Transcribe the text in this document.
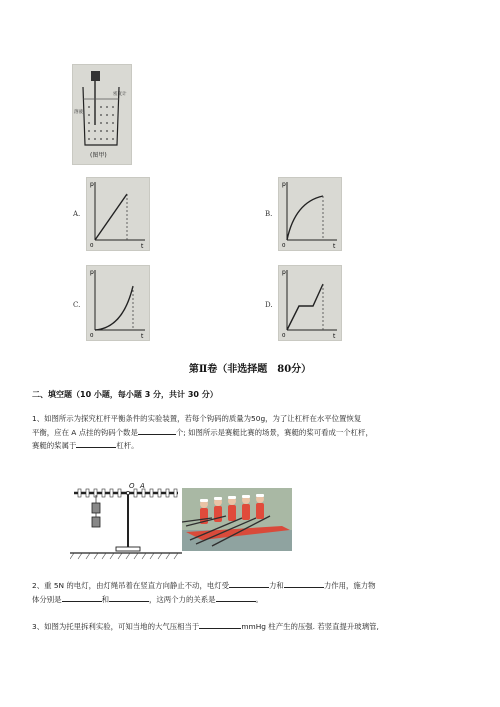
溶液
密度计
(图甲)
A.
p
0	t
B.
p
0	t
C.
p
0	t
D.
p
0	t
第Ⅱ卷（非选择题　80分）
二、填空题（10 小题，每小题 3 分，共计 30 分）
1、如图所示为探究杠杆平衡条件的实验装置，若每个钩码的质量为50g，为了让杠杆在水平位置恢复
平衡，应在 A 点挂的钩码个数是	个; 如图所示是赛艇比赛的场景，赛艇的桨可看成一个杠杆，
赛艇的桨属于	杠杆。
O A
2、重 5N 的电灯，由灯绳吊着在竖直方向静止不动，电灯受	力和	力作用，施力物
体分别是	和	，这两个力的关系是	。
3、如图为托里拆利实验，可知当地的大气压相当于	mmHg 柱产生的压强. 若竖直提升玻璃管,
